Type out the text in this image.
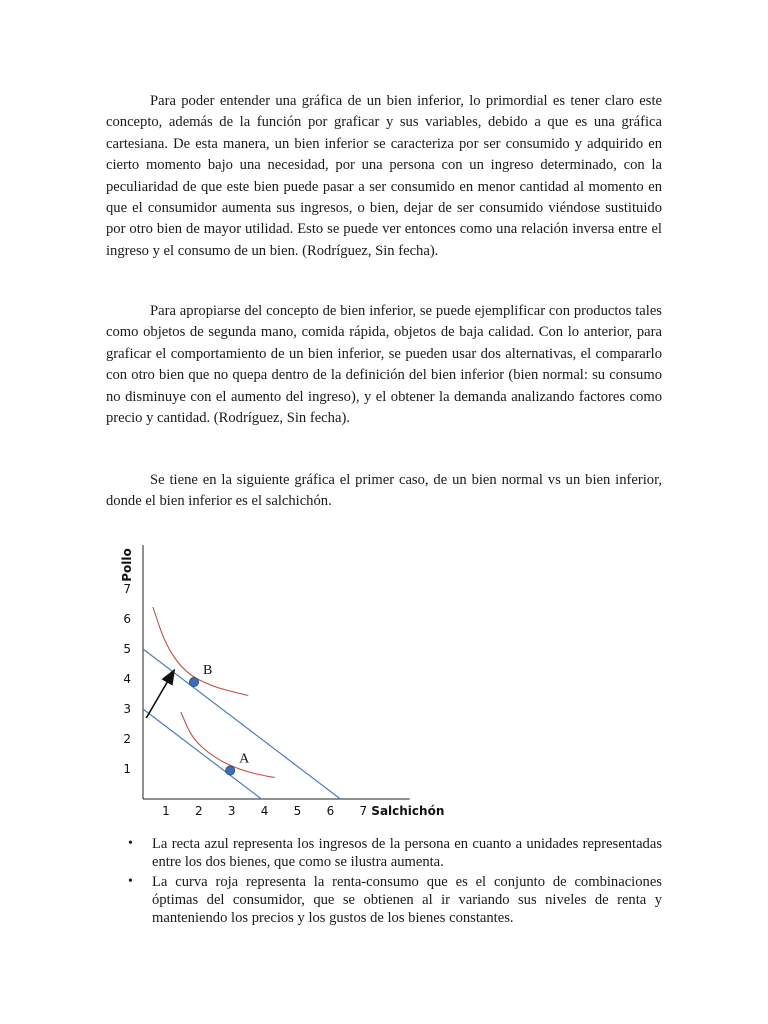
Para poder entender una gráfica de un bien inferior, lo primordial es tener claro este concepto, además de la función por graficar y sus variables, debido a que es una gráfica cartesiana. De esta manera, un bien inferior se caracteriza por ser consumido y adquirido en cierto momento bajo una necesidad, por una persona con un ingreso determinado, con la peculiaridad de que este bien puede pasar a ser consumido en menor cantidad al momento en que el consumidor aumenta sus ingresos, o bien, dejar de ser consumido viéndose sustituido por otro bien de mayor utilidad. Esto se puede ver entonces como una relación inversa entre el ingreso y el consumo de un bien. (Rodríguez, Sin fecha).

Para apropiarse del concepto de bien inferior, se puede ejemplificar con productos tales como objetos de segunda mano, comida rápida, objetos de baja calidad. Con lo anterior, para graficar el comportamiento de un bien inferior, se pueden usar dos alternativas, el compararlo con otro bien que no quepa dentro de la definición del bien inferior (bien normal: su consumo no disminuye con el aumento del ingreso), y el obtener la demanda analizando factores como precio y cantidad. (Rodríguez, Sin fecha).

Se tiene en la siguiente gráfica el primer caso, de un bien normal vs un bien inferior, donde el bien inferior es el salchichón.

Pollo
1
2
3
4
5
6
7
1 2 3 4 5 6 7 Salchichón
A
B
• La recta azul representa los ingresos de la persona en cuanto a unidades representadas entre los dos bienes, que como se ilustra aumenta.
• La curva roja representa la renta-consumo que es el conjunto de combinaciones óptimas del consumidor, que se obtienen al ir variando sus niveles de renta y manteniendo los precios y los gustos de los bienes constantes.
